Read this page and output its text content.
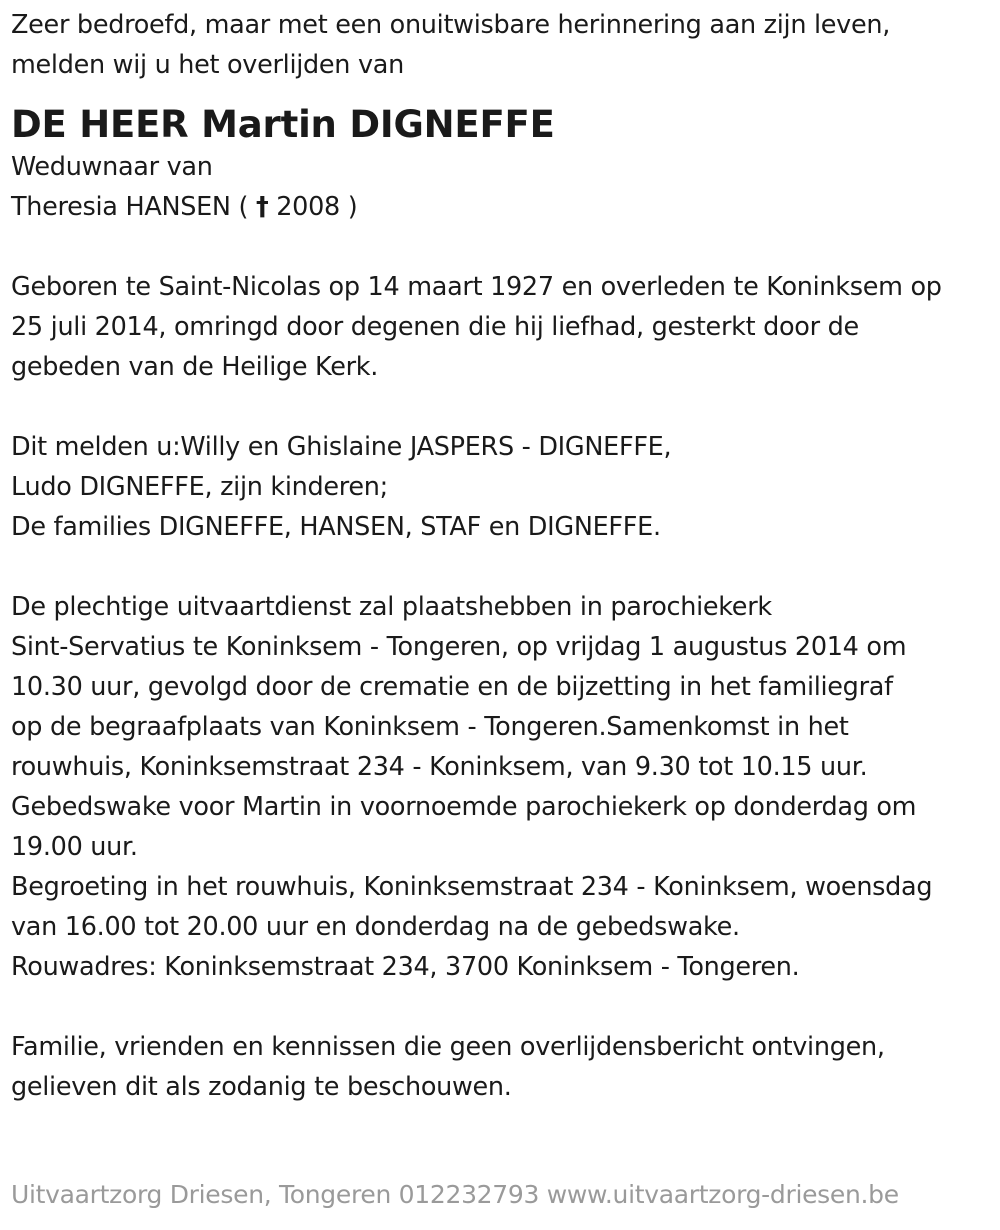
Zeer bedroefd, maar met een onuitwisbare herinnering aan zijn leven,
melden wij u het overlijden van
DE HEER Martin DIGNEFFE
Weduwnaar van
Theresia HANSEN ( † 2008 )
Geboren te Saint-Nicolas op 14 maart 1927 en overleden te Koninksem op
25 juli 2014, omringd door degenen die hij liefhad, gesterkt door de
gebeden van de Heilige Kerk.
Dit melden u:Willy en Ghislaine JASPERS - DIGNEFFE,
Ludo DIGNEFFE, zijn kinderen;
De families DIGNEFFE, HANSEN, STAF en DIGNEFFE.
De plechtige uitvaartdienst zal plaatshebben in parochiekerk
Sint-Servatius te Koninksem - Tongeren, op vrijdag 1 augustus 2014 om
10.30 uur, gevolgd door de crematie en de bijzetting in het familiegraf
op de begraafplaats van Koninksem - Tongeren.Samenkomst in het
rouwhuis, Koninksemstraat 234 - Koninksem, van 9.30 tot 10.15 uur.
Gebedswake voor Martin in voornoemde parochiekerk op donderdag om
19.00 uur.
Begroeting in het rouwhuis, Koninksemstraat 234 - Koninksem, woensdag
van 16.00 tot 20.00 uur en donderdag na de gebedswake.
Rouwadres: Koninksemstraat 234, 3700 Koninksem - Tongeren.
Familie, vrienden en kennissen die geen overlijdensbericht ontvingen,
gelieven dit als zodanig te beschouwen.
Uitvaartzorg Driesen, Tongeren 012232793 www.uitvaartzorg-driesen.be
